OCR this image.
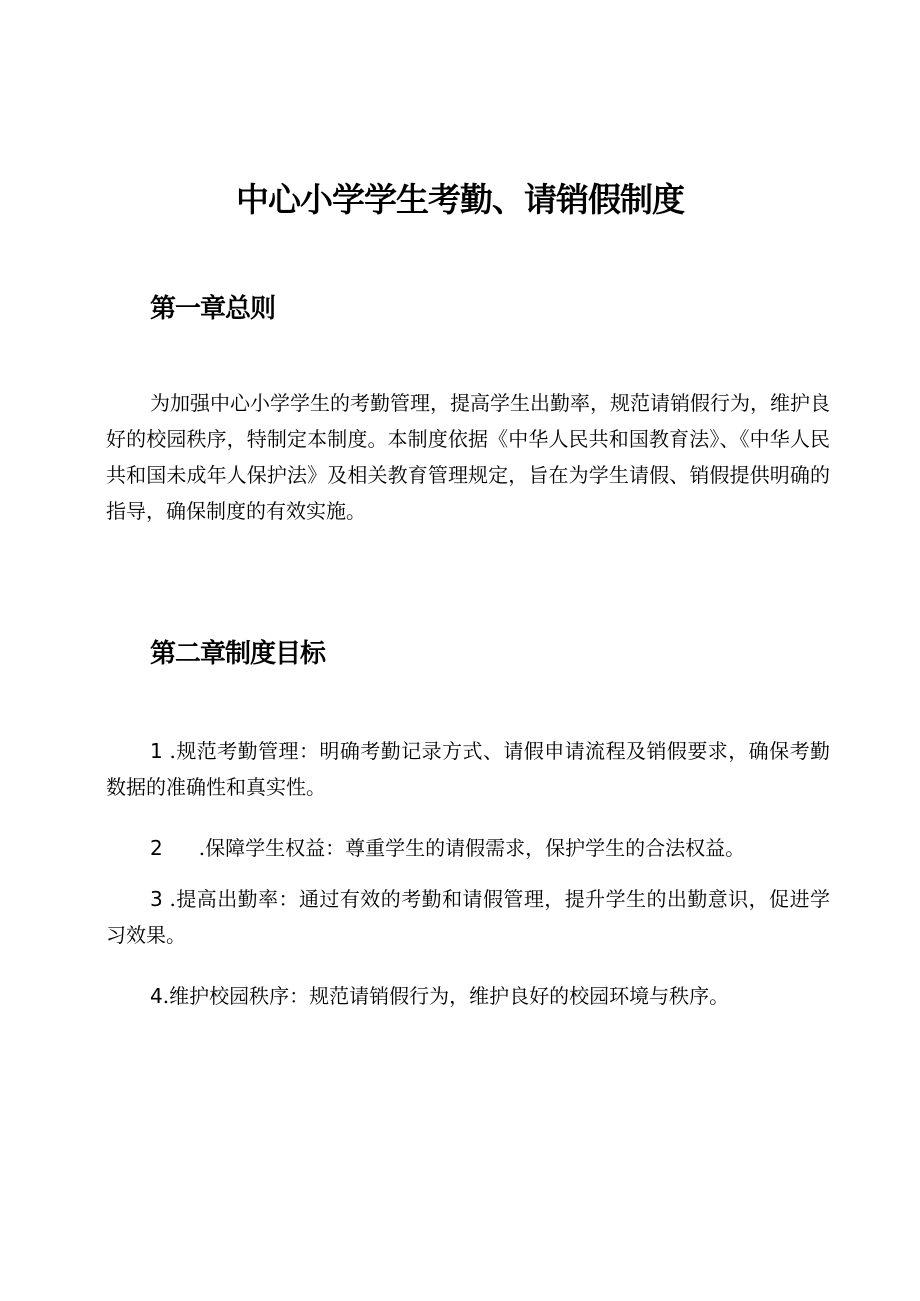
中心小学学生考勤、请销假制度
第一章总则

为加强中心小学学生的考勤管理，提高学生出勤率，规范请销假行为，维护良好的校园秩序，特制定本制度。本制度依据《中华人民共和国教育法》、《中华人民共和国未成年人保护法》及相关教育管理规定，旨在为学生请假、销假提供明确的指导，确保制度的有效实施。

第二章制度目标

1 .规范考勤管理：明确考勤记录方式、请假申请流程及销假要求，确保考勤数据的准确性和真实性。

2 .保障学生权益：尊重学生的请假需求，保护学生的合法权益。

3 .提高出勤率：通过有效的考勤和请假管理，提升学生的出勤意识，促进学习效果。

4.维护校园秩序：规范请销假行为，维护良好的校园环境与秩序。
